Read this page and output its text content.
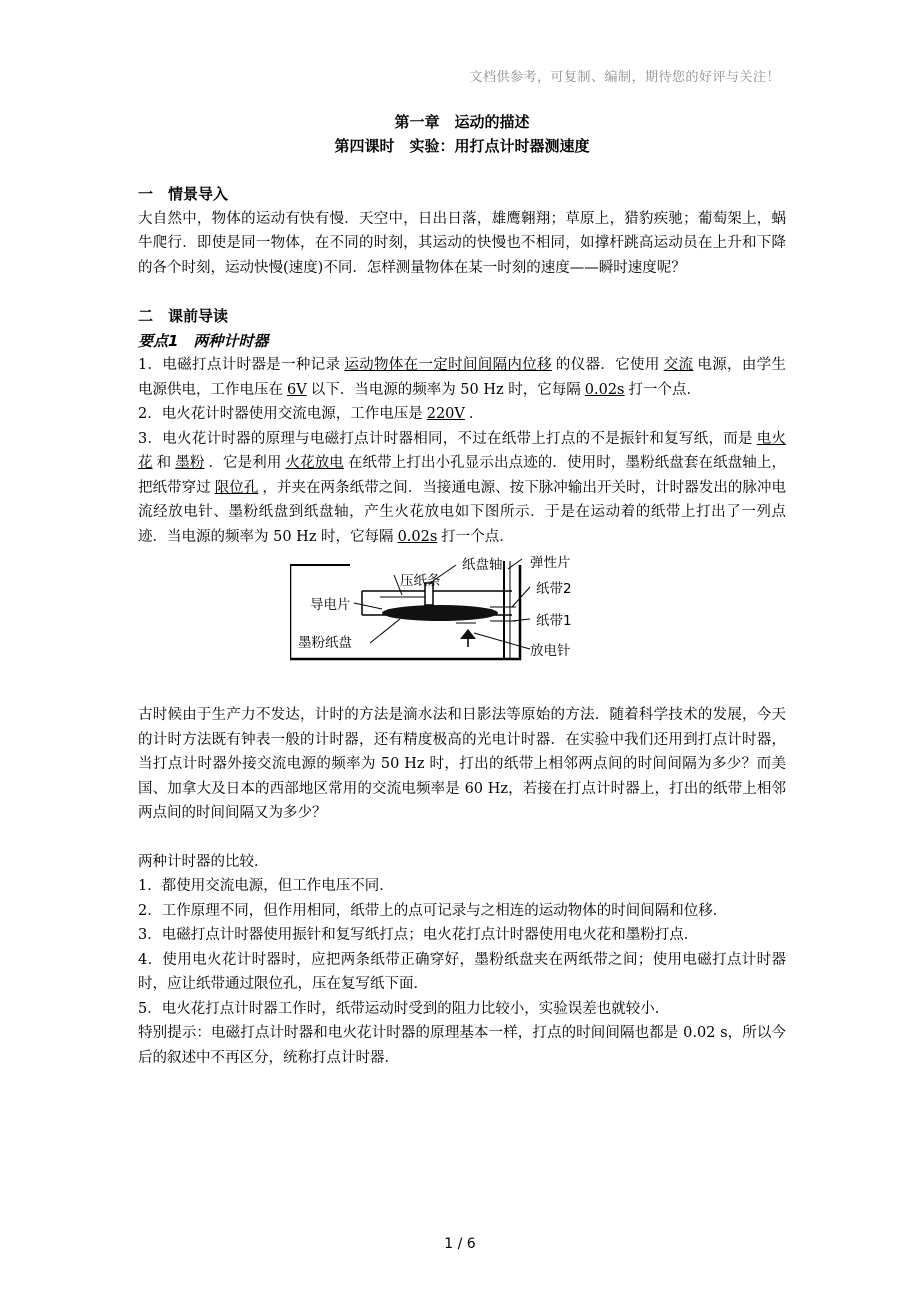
文档供参考，可复制、编制，期待您的好评与关注！
第一章　运动的描述
第四课时　实验：用打点计时器测速度
一　情景导入

大自然中，物体的运动有快有慢．天空中，日出日落，雄鹰翱翔；草原上，猎豹疾驰；葡萄架上，蜗牛爬行．即使是同一物体，在不同的时刻，其运动的快慢也不相同，如撑杆跳高运动员在上升和下降的各个时刻，运动快慢(速度)不同．怎样测量物体在某一时刻的速度——瞬时速度呢？

二　课前导读
要点1　两种计时器

1．电磁打点计时器是一种记录 运动物体在一定时间间隔内位移 的仪器．它使用 交流 电源，由学生电源供电，工作电压在 6V 以下．当电源的频率为 50 Hz 时，它每隔 0.02s 打一个点．

2．电火花计时器使用交流电源，工作电压是 220V ．

3．电火花计时器的原理与电磁打点计时器相同，不过在纸带上打点的不是振针和复写纸，而是 电火花 和 墨粉 ．它是利用 火花放电 在纸带上打出小孔显示出点迹的．使用时，墨粉纸盘套在纸盘轴上，把纸带穿过 限位孔 ，并夹在两条纸带之间．当接通电源、按下脉冲输出开关时，计时器发出的脉冲电流经放电针、墨粉纸盘到纸盘轴，产生火花放电如下图所示．于是在运动着的纸带上打出了一列点迹．当电源的频率为 50 Hz 时，它每隔 0.02s 打一个点．

压纸条
纸盘轴 弹性片
纸带2
导电片
纸带1
墨粉纸盘	放电针

古时候由于生产力不发达，计时的方法是滴水法和日影法等原始的方法．随着科学技术的发展，今天的计时方法既有钟表一般的计时器，还有精度极高的光电计时器．在实验中我们还用到打点计时器，当打点计时器外接交流电源的频率为 50 Hz 时，打出的纸带上相邻两点间的时间间隔为多少？而美国、加拿大及日本的西部地区常用的交流电频率是 60 Hz，若接在打点计时器上，打出的纸带上相邻两点间的时间间隔又为多少？

两种计时器的比较．

1．都使用交流电源，但工作电压不同．

2．工作原理不同，但作用相同，纸带上的点可记录与之相连的运动物体的时间间隔和位移．

3．电磁打点计时器使用振针和复写纸打点；电火花打点计时器使用电火花和墨粉打点．

4．使用电火花计时器时，应把两条纸带正确穿好，墨粉纸盘夹在两纸带之间；使用电磁打点计时器时，应让纸带通过限位孔，压在复写纸下面．

5．电火花打点计时器工作时，纸带运动时受到的阻力比较小，实验误差也就较小．

特别提示：电磁打点计时器和电火花计时器的原理基本一样，打点的时间间隔也都是 0.02 s，所以今后的叙述中不再区分，统称打点计时器．

1 / 6
